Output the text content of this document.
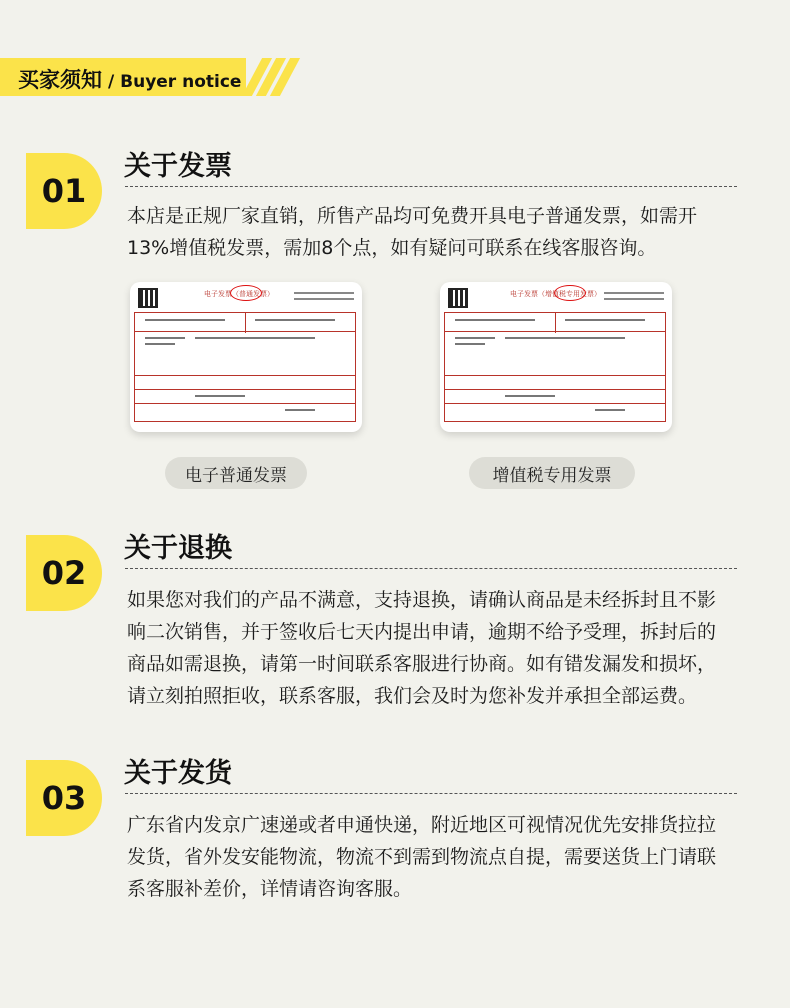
买家须知 / Buyer notice
01
关于发票
本店是正规厂家直销，所售产品均可免费开具电子普通发票，如需开
13%增值税发票，需加8个点，如有疑问可联系在线客服咨询。
电子发票（普通发票）	电子发票（增值税专用发票）
电子普通发票	增值税专用发票
02
关于退换
如果您对我们的产品不满意，支持退换，请确认商品是未经拆封且不影
响二次销售，并于签收后七天内提出申请，逾期不给予受理，拆封后的
商品如需退换，请第一时间联系客服进行协商。如有错发漏发和损坏，
请立刻拍照拒收，联系客服，我们会及时为您补发并承担全部运费。
03
关于发货
广东省内发京广速递或者申通快递，附近地区可视情况优先安排货拉拉
发货，省外发安能物流，物流不到需到物流点自提，需要送货上门请联
系客服补差价，详情请咨询客服。
